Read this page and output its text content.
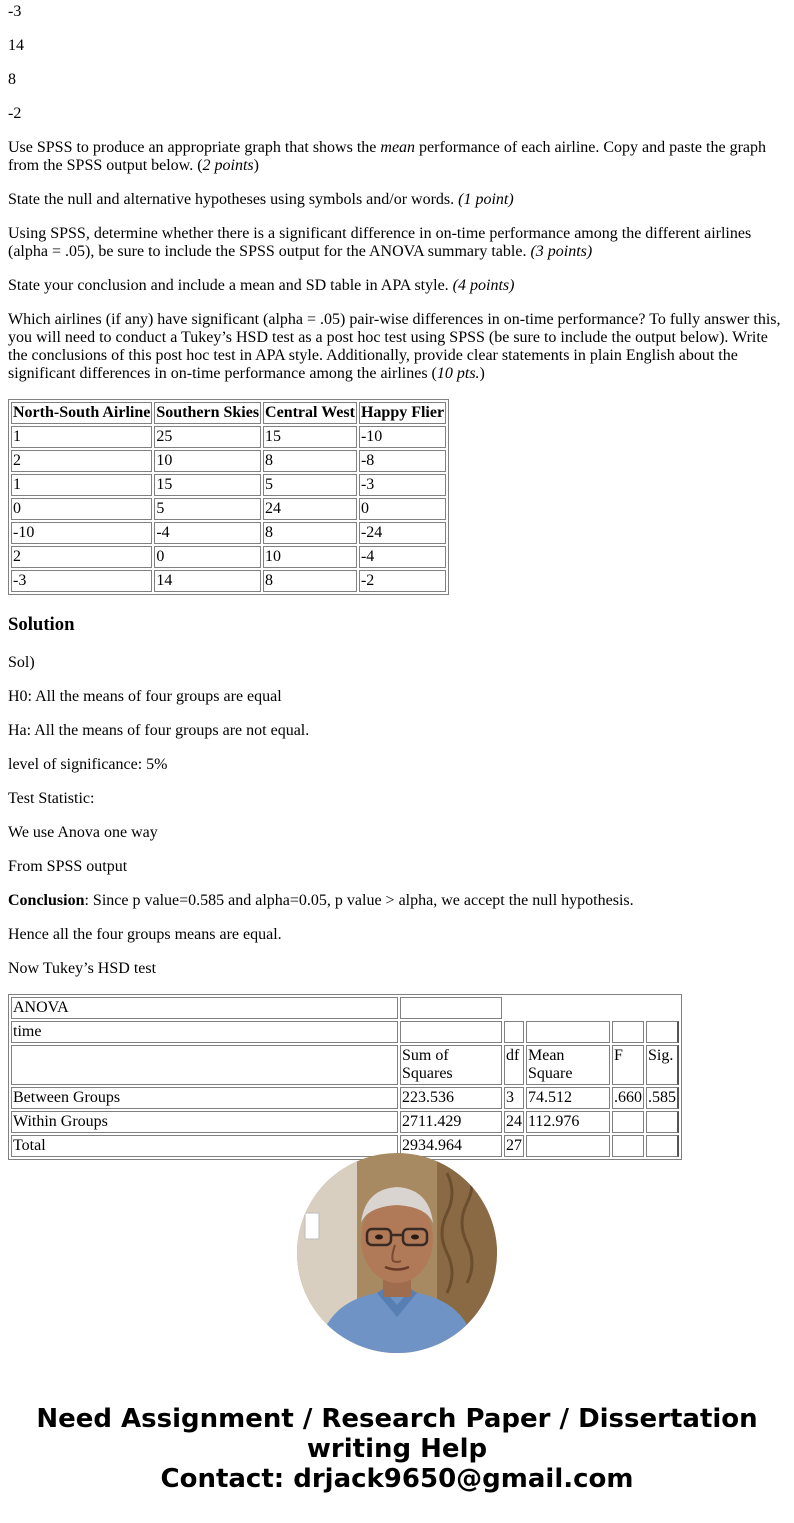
-3

14

8

-2

Use SPSS to produce an appropriate graph that shows the mean performance of each airline. Copy and paste the graph from the SPSS output below. (2 points)

State the null and alternative hypotheses using symbols and/or words. (1 point)

Using SPSS, determine whether there is a significant difference in on-time performance among the different airlines (alpha = .05), be sure to include the SPSS output for the ANOVA summary table. (3 points)

State your conclusion and include a mean and SD table in APA style. (4 points)

Which airlines (if any) have significant (alpha = .05) pair-wise differences in on-time performance? To fully answer this, you will need to conduct a Tukey’s HSD test as a post hoc test using SPSS (be sure to include the output below). Write the conclusions of this post hoc test in APA style. Additionally, provide clear statements in plain English about the significant differences in on-time performance among the airlines (10 pts.)

North-South Airline	Southern Skies	Central West	Happy Flier
1	25	15	-10
2	10	8	-8
1	15	5	-3
0	5	24	0
-10	-4	8	-24
2	0	10	-4
-3	14	8	-2
Solution

Sol)

H0: All the means of four groups are equal

Ha: All the means of four groups are not equal.

level of significance: 5%

Test Statistic:

We use Anova one way

From SPSS output

Conclusion: Since p value=0.585 and alpha=0.05, p value > alpha, we accept the null hypothesis.

Hence all the four groups means are equal.

Now Tukey’s HSD test

ANOVA					
time					
	Sum of Squares	df	Mean Square	F	Sig.
Between Groups	223.536	3	74.512	.660	.585
Within Groups	2711.429	24	112.976		
Total	2934.964	27			
Need Assignment / Research Paper / Dissertation
writing Help
Contact: drjack9650@gmail.com
